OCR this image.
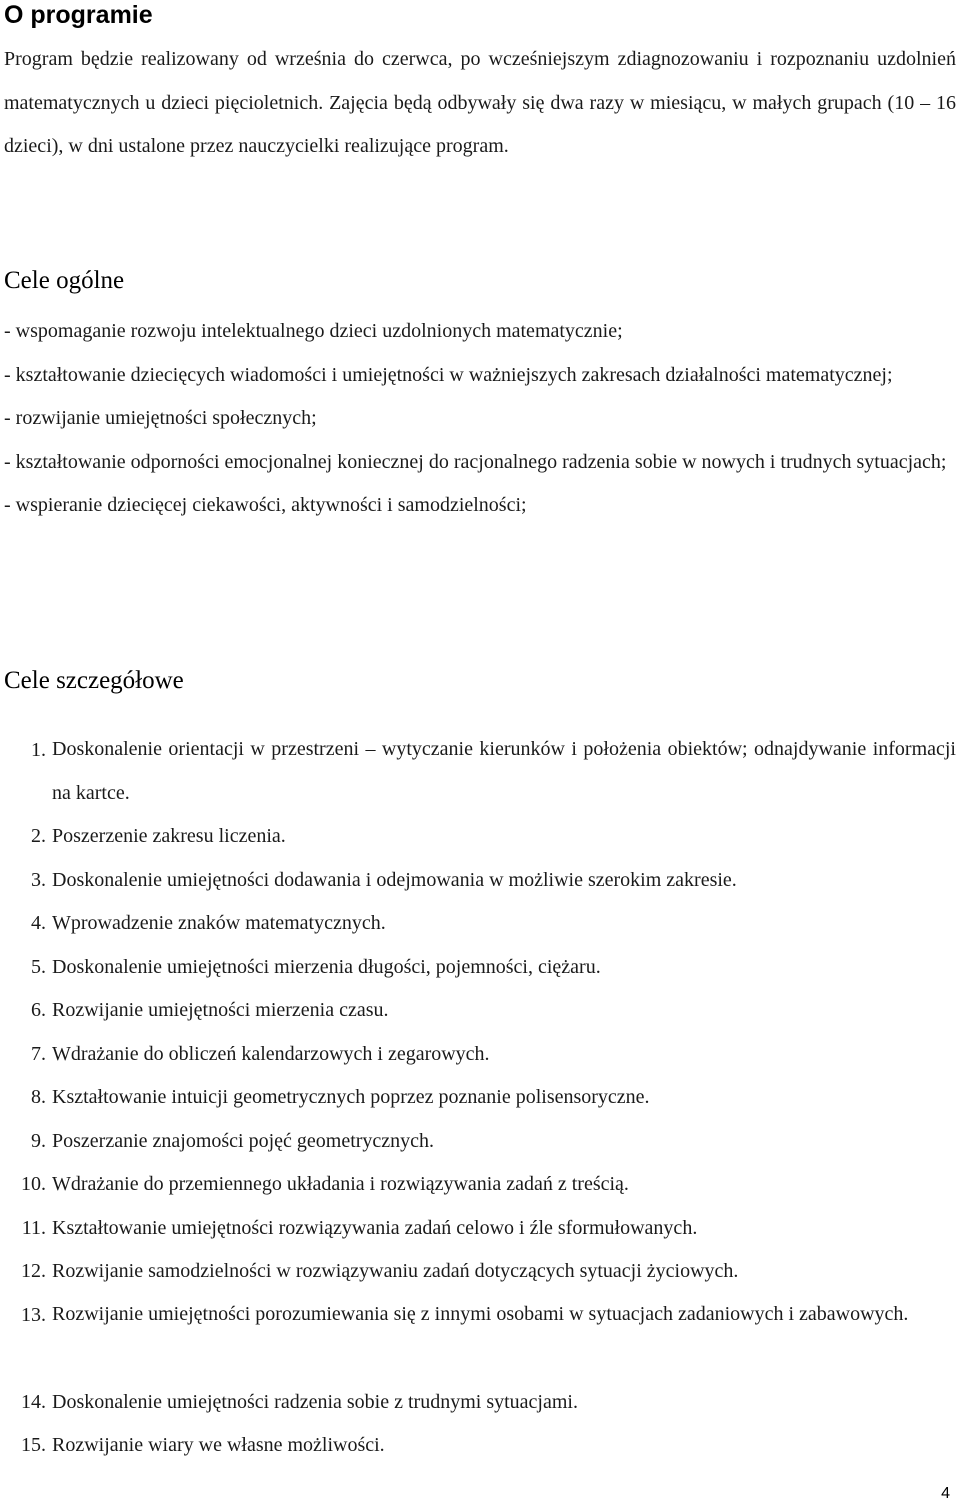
O programie
Program będzie realizowany od września do czerwca, po wcześniejszym zdiagnozowaniu i rozpoznaniu uzdolnień matematycznych u dzieci pięcioletnich. Zajęcia będą odbywały się dwa razy w miesiącu, w małych grupach (10 – 16 dzieci), w dni ustalone przez nauczycielki realizujące program.
Cele ogólne
- wspomaganie rozwoju intelektualnego dzieci uzdolnionych matematycznie;
- kształtowanie dziecięcych wiadomości i umiejętności w ważniejszych zakresach działalności matematycznej;
- rozwijanie umiejętności społecznych;
- kształtowanie odporności emocjonalnej koniecznej do racjonalnego radzenia sobie w nowych i trudnych sytuacjach;
- wspieranie dziecięcej ciekawości, aktywności i samodzielności;
Cele szczegółowe
1. Doskonalenie orientacji w przestrzeni – wytyczanie kierunków i położenia obiektów; odnajdywanie informacji na kartce.
2. Poszerzenie zakresu liczenia.
3. Doskonalenie umiejętności dodawania i odejmowania w możliwie szerokim zakresie.
4. Wprowadzenie znaków matematycznych.
5. Doskonalenie umiejętności mierzenia długości, pojemności, ciężaru.
6. Rozwijanie umiejętności mierzenia czasu.
7. Wdrażanie do obliczeń kalendarzowych i zegarowych.
8. Kształtowanie intuicji geometrycznych poprzez poznanie polisensoryczne.
9. Poszerzanie znajomości pojęć geometrycznych.
10. Wdrażanie do przemiennego układania i rozwiązywania zadań z treścią.
11. Kształtowanie umiejętności rozwiązywania zadań celowo i źle sformułowanych.
12. Rozwijanie samodzielności w rozwiązywaniu zadań dotyczących sytuacji życiowych.
13. Rozwijanie umiejętności porozumiewania się z innymi osobami w sytuacjach zadaniowych i zabawowych.
14. Doskonalenie umiejętności radzenia sobie z trudnymi sytuacjami.
15. Rozwijanie wiary we własne możliwości.
4
